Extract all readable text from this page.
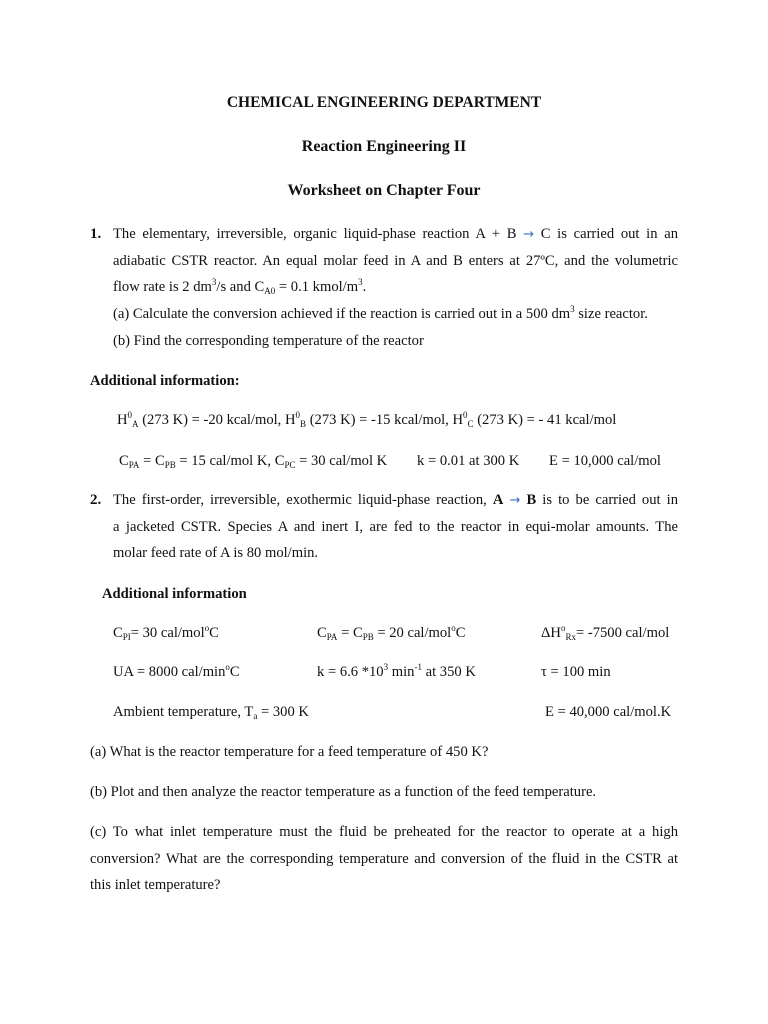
CHEMICAL ENGINEERING DEPARTMENT
Reaction Engineering II
Worksheet on Chapter Four
1. The elementary, irreversible, organic liquid-phase reaction A + B → C is carried out in an
adiabatic CSTR reactor. An equal molar feed in A and B enters at 27ºC, and the volumetric
flow rate is 2 $dm^3/s$ and $C_{A0} = 0.1$ kmol/$m^3$.
(a) Calculate the conversion achieved if the reaction is carried out in a 500 $dm^3$ size reactor.
(b) Find the corresponding temperature of the reactor
Additional information:
$H^0_A$ (273 K) = -20 kcal/mol, $H^0_B$ (273 K) = -15 kcal/mol, $H^0_C$ (273 K) = - 41 kcal/mol
$C_{PA} = C_{PB} = 15$ cal/mol K, $C_{PC} = 30$ cal/mol K k = 0.01 at 300 K E = 10,000 cal/mol
2. The first-order, irreversible, exothermic liquid-phase reaction, A → B is to be carried out in
a jacketed CSTR. Species A and inert I, are fed to the reactor in equi-molar amounts. The
molar feed rate of A is 80 mol/min.
Additional information
$C_{PI}= 30$ cal/mol$^o$C	$C_{PA} = C_{PB} = 20$ cal/mol$^o$C	$\Delta H^o_{Rx}= -7500$ cal/mol
UA = 8000 cal/$\min^oC$	k = 6.6 $*10^3$ $\min^{-1}$ at 350 K	τ = 100 min
Ambient temperature, $T_a = 300$ K	E = 40,000 cal/mol.K
(a) What is the reactor temperature for a feed temperature of 450 K?
(b) Plot and then analyze the reactor temperature as a function of the feed temperature.
(c) To what inlet temperature must the fluid be preheated for the reactor to operate at a high
conversion? What are the corresponding temperature and conversion of the fluid in the CSTR at
this inlet temperature?
